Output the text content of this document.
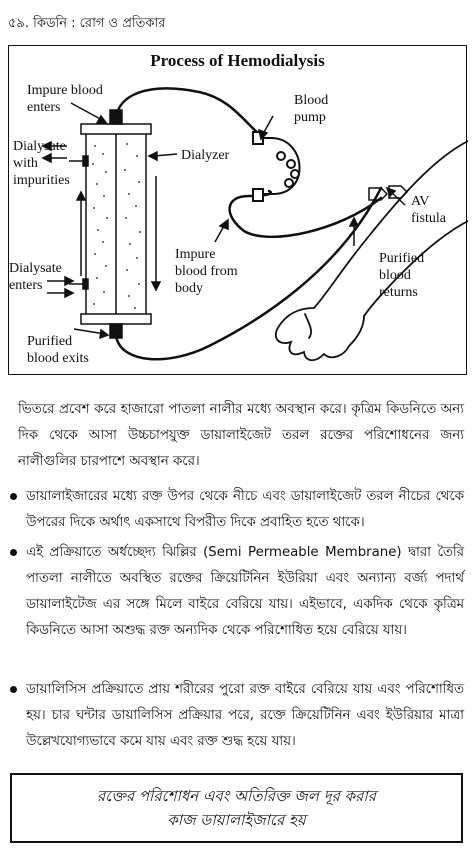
৫৯. কিডনি : রোগ ও প্রতিকার
Process of Hemodialysis
Impure blood
enters
Dialysate
with
impurities
Dialysate
enters
Purified
blood exits
Blood
pump
Dialyzer
AV
fistula
Impure
blood from
body
Purified
blood
returns
ভিতরে প্রবেশ করে হাজারো পাতলা নালীর মধ্যে অবস্থান করে। কৃত্রিম কিডনিতে অন্য দিক থেকে আসা উচ্চচাপযুক্ত ডায়ালাইজেট তরল রক্তের পরিশোধনের জন্য নালীগুলির চারপাশে অবস্থান করে।
ডায়ালাইজারের মধ্যে রক্ত উপর থেকে নীচে এবং ডায়ালাইজেট তরল নীচের থেকে উপরের দিকে অর্থাৎ একসাথে বিপরীত দিকে প্রবাহিত হতে থাকে।
এই প্রক্রিয়াতে অর্ধচ্ছেদ্য ঝিল্লির (Semi Permeable Membrane) দ্বারা তৈরি পাতলা নালীতে অবস্থিত রক্তের ক্রিয়েটিনিন ইউরিয়া এবং অন্যান্য বর্জ্য পদার্থ ডায়ালাইটেজ এর সঙ্গে মিলে বাইরে বেরিয়ে যায়। এইভাবে, একদিক থেকে কৃত্রিম কিডনিতে আসা অশুদ্ধ রক্ত অন্যদিক থেকে পরিশোধিত হয়ে বেরিয়ে যায়।
ডায়ালিসিস প্রক্রিয়াতে প্রায় শরীরের পুরো রক্ত বাইরে বেরিয়ে যায় এবং পরিশোধিত হয়। চার ঘন্টার ডায়ালিসিস প্রক্রিয়ার পরে, রক্তে ক্রিয়েটিনিন এবং ইউরিয়ার মাত্রা উল্লেখযোগ্যভাবে কমে যায় এবং রক্ত শুদ্ধ হয়ে যায়।
রক্তের পরিশোধন এবং অতিরিক্ত জল দূর করার
কাজ ডায়ালাইজারে হয়
